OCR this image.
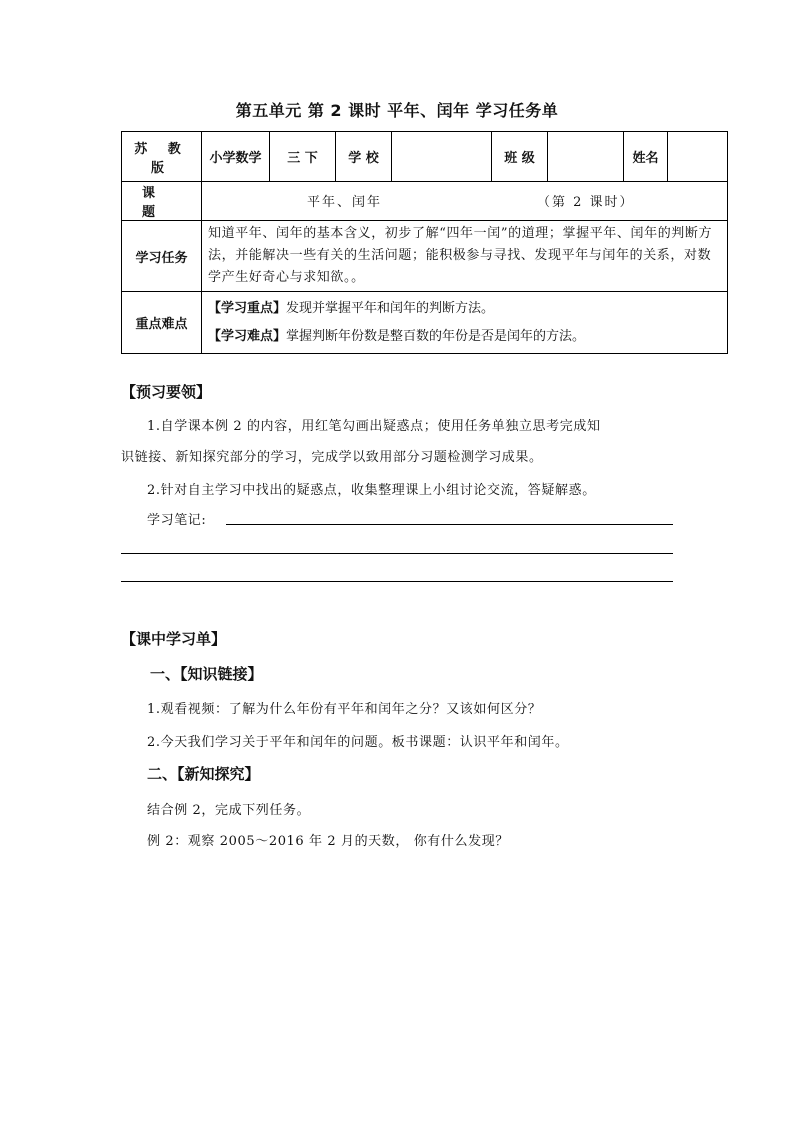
第五单元 第 2 课时 平年、闰年 学习任务单
苏 教 版	小学数学	三 下	学 校		班 级		姓名	
课 题	平年、闰年 （第 2 课时）							

学习任务	知道平年、闰年的基本含义，初步了解“四年一闰”的道理；掌握平年、闰年的判断方法，并能解决一些有关的生活问题；能积极参与寻找、发现平年与闰年的关系，对数学产生好奇心与求知欲。。							

重点难点	【学习重点】发现并掌握平年和闰年的判断方法。
【学习难点】掌握判断年份数是整百数的年份是否是闰年的方法。							
【预习要领】
1.自学课本例 2 的内容，用红笔勾画出疑惑点；使用任务单独立思考完成知
识链接、新知探究部分的学习，完成学以致用部分习题检测学习成果。
2.针对自主学习中找出的疑惑点，收集整理课上小组讨论交流，答疑解惑。
学习笔记:
【课中学习单】
一、【知识链接】
1.观看视频：了解为什么年份有平年和闰年之分？又该如何区分？
2.今天我们学习关于平年和闰年的问题。板书课题：认识平年和闰年。
二、【新知探究】
结合例 2，完成下列任务。
例 2：观察 2005～2016 年 2 月的天数， 你有什么发现？
